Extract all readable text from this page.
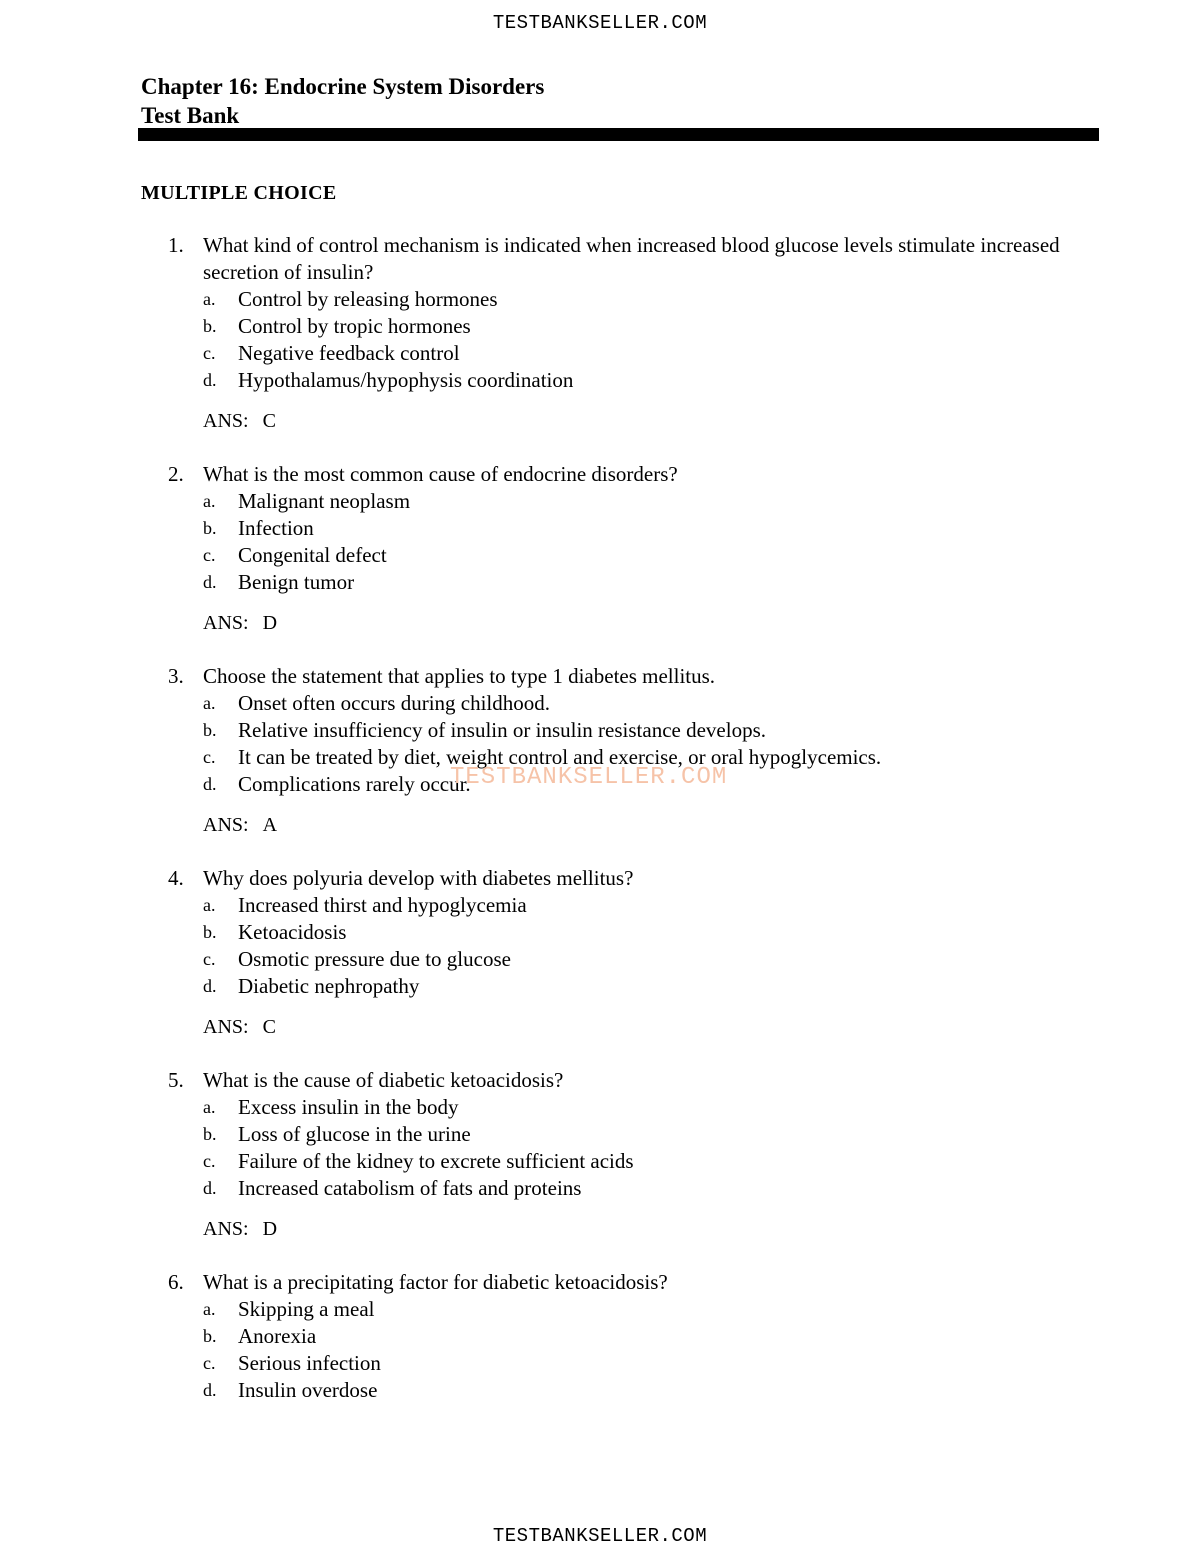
TESTBANKSELLER.COM
Chapter 16: Endocrine System Disorders
Test Bank
MULTIPLE CHOICE
1. What kind of control mechanism is indicated when increased blood glucose levels stimulate increased secretion of insulin?
a. Control by releasing hormones
b. Control by tropic hormones
c. Negative feedback control
d. Hypothalamus/hypophysis coordination
ANS: C
2. What is the most common cause of endocrine disorders?
a. Malignant neoplasm
b. Infection
c. Congenital defect
d. Benign tumor
ANS: D
3. Choose the statement that applies to type 1 diabetes mellitus.
a. Onset often occurs during childhood.
b. Relative insufficiency of insulin or insulin resistance develops.
c. It can be treated by diet, weight control and exercise, or oral hypoglycemics.
d. Complications rarely occur.
ANS: A
4. Why does polyuria develop with diabetes mellitus?
a. Increased thirst and hypoglycemia
b. Ketoacidosis
c. Osmotic pressure due to glucose
d. Diabetic nephropathy
ANS: C
5. What is the cause of diabetic ketoacidosis?
a. Excess insulin in the body
b. Loss of glucose in the urine
c. Failure of the kidney to excrete sufficient acids
d. Increased catabolism of fats and proteins
ANS: D
6. What is a precipitating factor for diabetic ketoacidosis?
a. Skipping a meal
b. Anorexia
c. Serious infection
d. Insulin overdose
TESTBANKSELLER.COM
TESTBANKSELLER.COM
